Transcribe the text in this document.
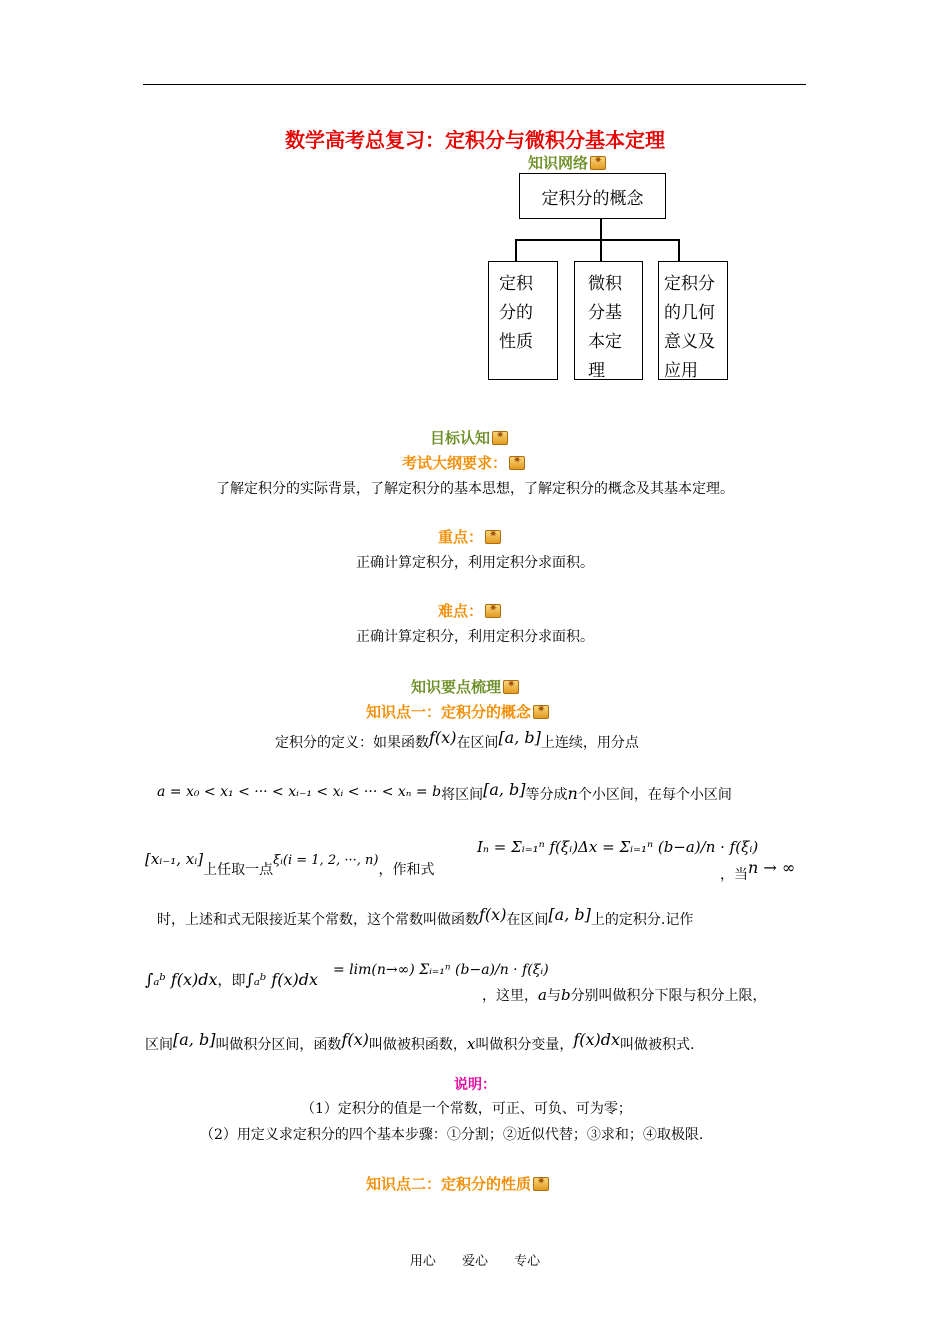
数学高考总复习：定积分与微积分基本定理
知识网络✷
定积分的概念
定积
分的
性质
微积
分基
本定
理
定积分
的几何
意义及
应用
目标认知✷
考试大纲要求：✷
了解定积分的实际背景，了解定积分的基本思想，了解定积分的概念及其基本定理。
重点：✷
正确计算定积分，利用定积分求面积。
难点：✷
正确计算定积分，利用定积分求面积。
知识要点梳理✷
知识点一：定积分的概念✷
定积分的定义：如果函数f(x)在区间[a, b]上连续，用分点
a = x₀ < x₁ < ··· < xᵢ₋₁ < xᵢ < ··· < xₙ = b将区间[a, b]等分成n个小区间，在每个小区间
[xᵢ₋₁, xᵢ]上任取一点ξᵢ(i = 1, 2, ···, n)，作和式
Iₙ = Σᵢ₌₁ⁿ f(ξᵢ)Δx = Σᵢ₌₁ⁿ (b−a)/n · f(ξᵢ)
，当n → ∞
时，上述和式无限接近某个常数，这个常数叫做函数f(x)在区间[a, b]上的定积分.记作
∫ₐᵇ f(x)dx，即∫ₐᵇ f(x)dx = lim(n→∞) Σᵢ₌₁ⁿ (b−a)/n · f(ξᵢ)
，这里，a与b分别叫做积分下限与积分上限，
区间[a, b]叫做积分区间，函数f(x)叫做被积函数，x叫做积分变量，f(x)dx叫做被积式.
说明：
（1）定积分的值是一个常数，可正、可负、可为零；
（2）用定义求定积分的四个基本步骤：①分割；②近似代替；③求和；④取极限.
知识点二：定积分的性质✷
用心 爱心 专心
